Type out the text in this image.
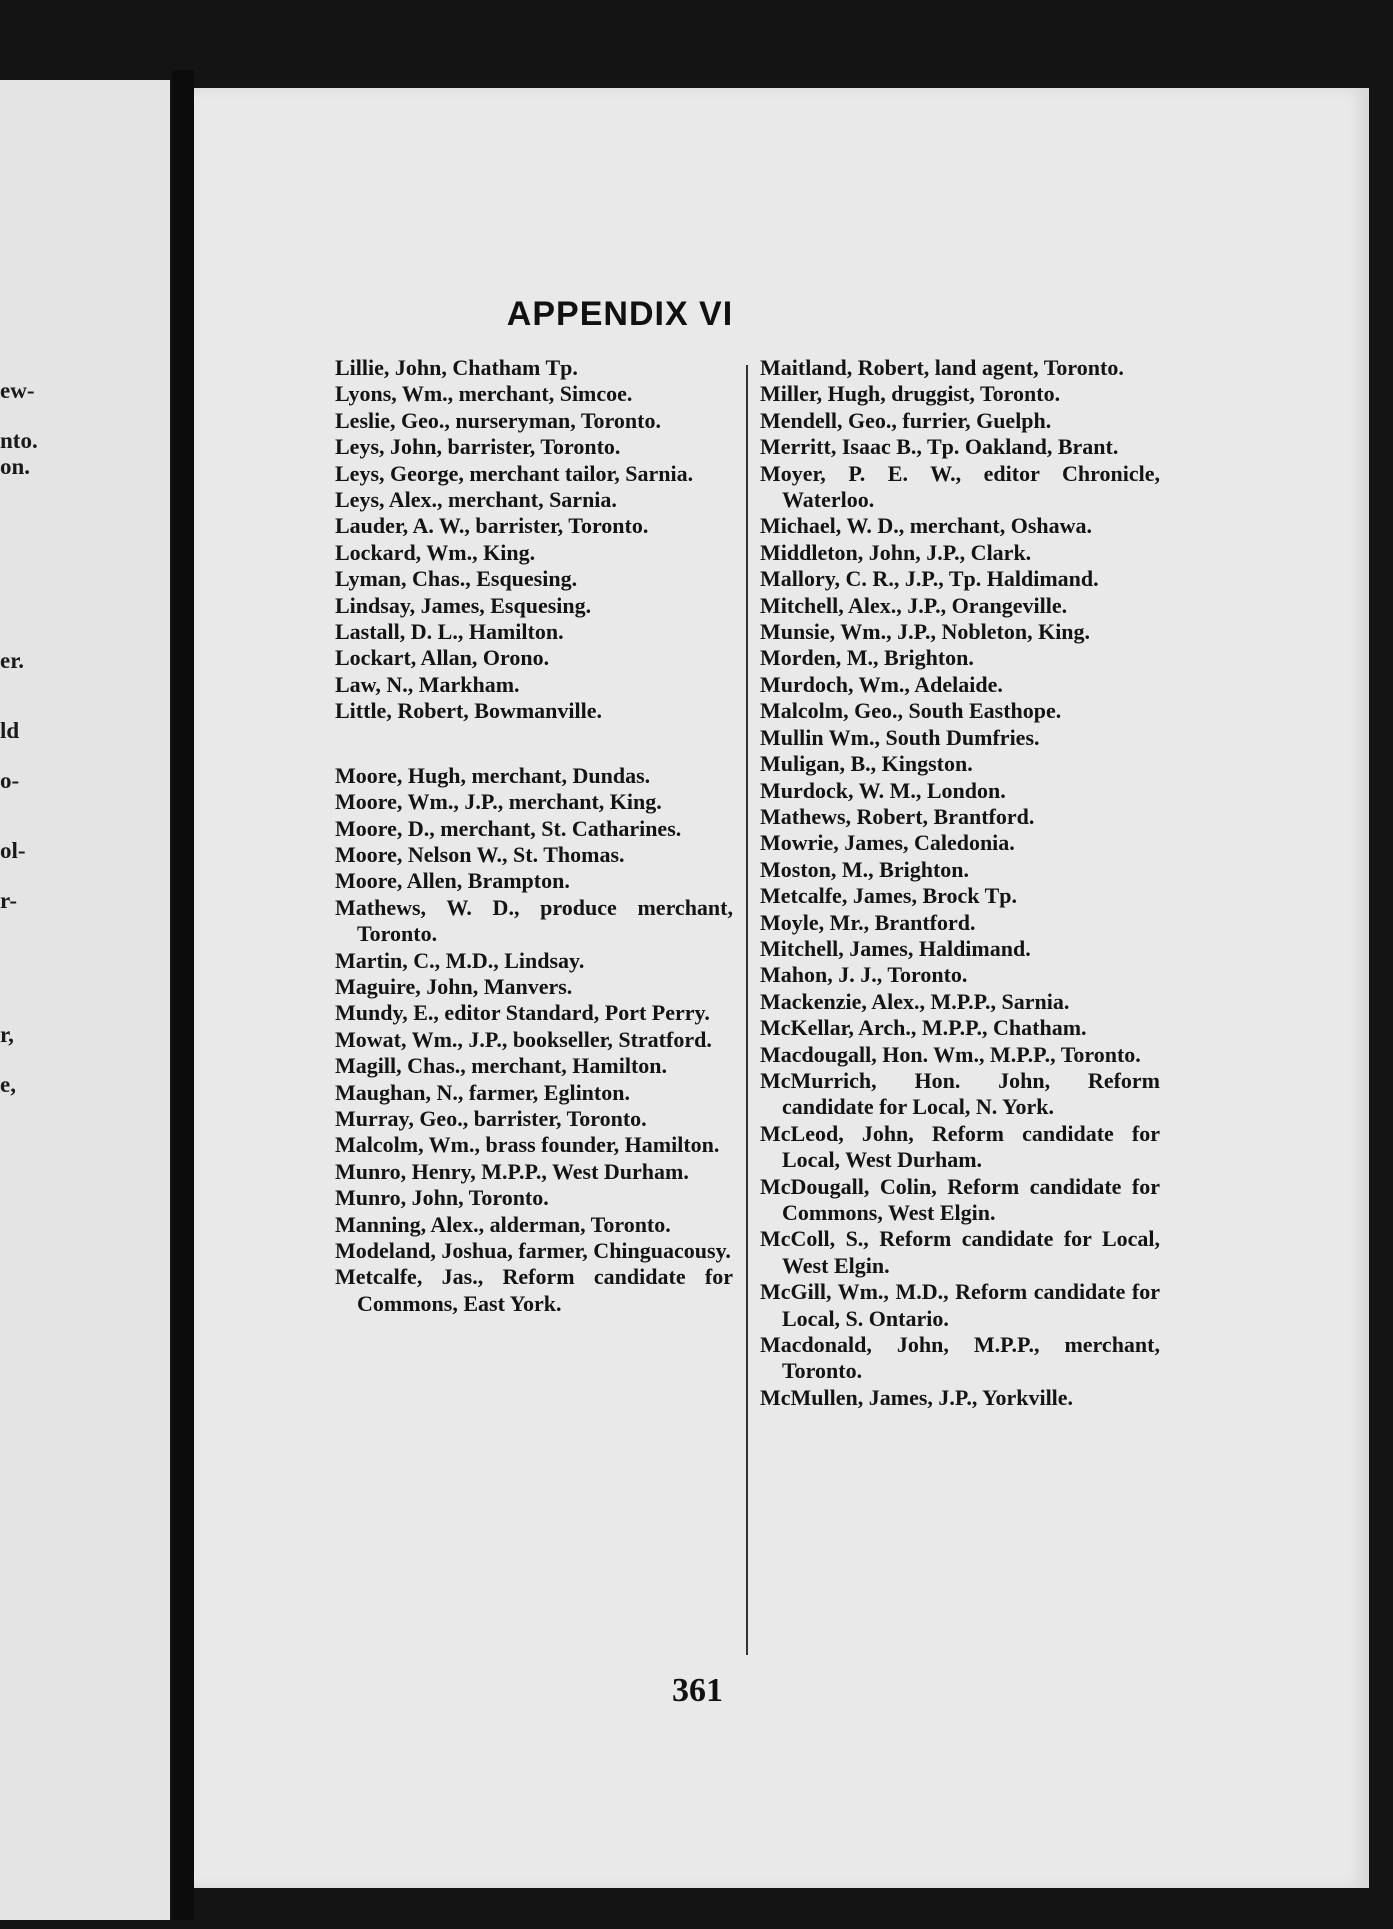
ew-
nto.
on.
er.
ld
o-
ol-
r-
r,
e,
APPENDIX VI
Lillie, John, Chatham Tp.
Lyons, Wm., merchant, Simcoe.
Leslie, Geo., nurseryman, Toronto.
Leys, John, barrister, Toronto.
Leys, George, merchant tailor, Sarnia.
Leys, Alex., merchant, Sarnia.
Lauder, A. W., barrister, Toronto.
Lockard, Wm., King.
Lyman, Chas., Esquesing.
Lindsay, James, Esquesing.
Lastall, D. L., Hamilton.
Lockart, Allan, Orono.
Law, N., Markham.
Little, Robert, Bowmanville.
Moore, Hugh, merchant, Dundas.
Moore, Wm., J.P., merchant, King.
Moore, D., merchant, St. Catharines.
Moore, Nelson W., St. Thomas.
Moore, Allen, Brampton.
Mathews, W. D., produce merchant, Toronto.
Martin, C., M.D., Lindsay.
Maguire, John, Manvers.
Mundy, E., editor Standard, Port Perry.
Mowat, Wm., J.P., bookseller, Stratford.
Magill, Chas., merchant, Hamilton.
Maughan, N., farmer, Eglinton.
Murray, Geo., barrister, Toronto.
Malcolm, Wm., brass founder, Hamilton.
Munro, Henry, M.P.P., West Durham.
Munro, John, Toronto.
Manning, Alex., alderman, Toronto.
Modeland, Joshua, farmer, Chinguacousy.
Metcalfe, Jas., Reform candidate for Commons, East York.
Maitland, Robert, land agent, Toronto.
Miller, Hugh, druggist, Toronto.
Mendell, Geo., furrier, Guelph.
Merritt, Isaac B., Tp. Oakland, Brant.
Moyer, P. E. W., editor Chronicle, Waterloo.
Michael, W. D., merchant, Oshawa.
Middleton, John, J.P., Clark.
Mallory, C. R., J.P., Tp. Haldimand.
Mitchell, Alex., J.P., Orangeville.
Munsie, Wm., J.P., Nobleton, King.
Morden, M., Brighton.
Murdoch, Wm., Adelaide.
Malcolm, Geo., South Easthope.
Mullin Wm., South Dumfries.
Muligan, B., Kingston.
Murdock, W. M., London.
Mathews, Robert, Brantford.
Mowrie, James, Caledonia.
Moston, M., Brighton.
Metcalfe, James, Brock Tp.
Moyle, Mr., Brantford.
Mitchell, James, Haldimand.
Mahon, J. J., Toronto.
Mackenzie, Alex., M.P.P., Sarnia.
McKellar, Arch., M.P.P., Chatham.
Macdougall, Hon. Wm., M.P.P., Toronto.
McMurrich, Hon. John, Reform candidate for Local, N. York.
McLeod, John, Reform candidate for Local, West Durham.
McDougall, Colin, Reform candidate for Commons, West Elgin.
McColl, S., Reform candidate for Local, West Elgin.
McGill, Wm., M.D., Reform candidate for Local, S. Ontario.
Macdonald, John, M.P.P., merchant, Toronto.
McMullen, James, J.P., Yorkville.
361
